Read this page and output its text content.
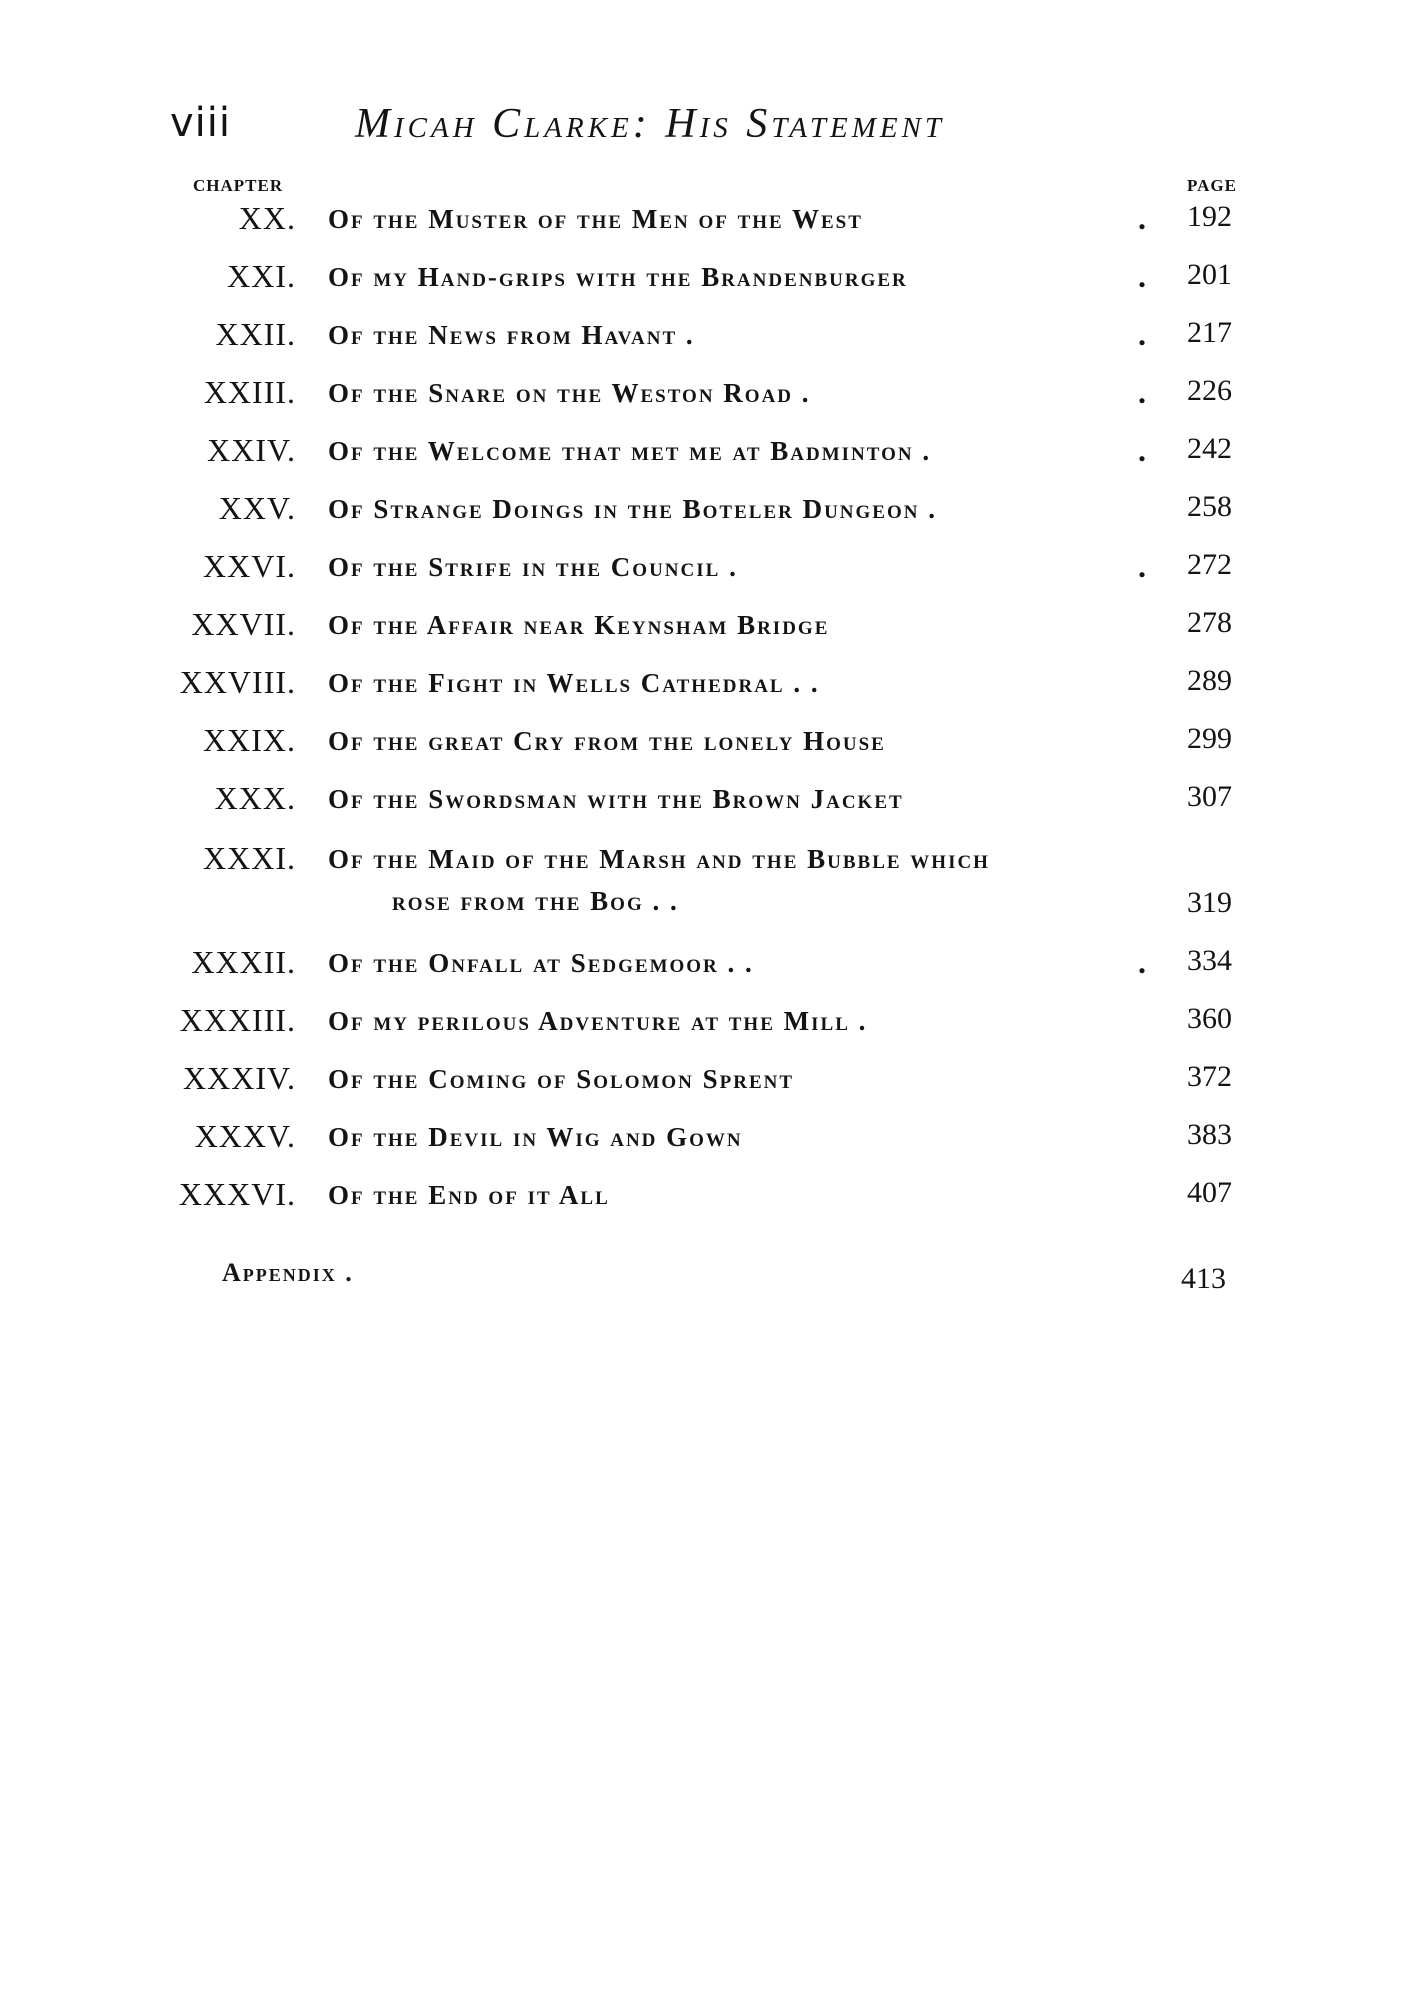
viii	Micah Clarke: His Statement
CHAPTER	PAGE
XX. Of the Muster of the Men of the West	. 192
XXI. Of my Hand-grips with the Brandenburger	. 201
XXII. Of the News from Havant .	. 217
XXIII. Of the Snare on the Weston Road .	. 226
XXIV. Of the Welcome that met me at Badminton .	. 242
XXV. Of Strange Doings in the Boteler Dungeon .	258
XXVI. Of the Strife in the Council .	. 272
XXVII. Of the Affair near Keynsham Bridge	278
XXVIII. Of the Fight in Wells Cathedral . .	289
XXIX. Of the great Cry from the lonely House	299
XXX. Of the Swordsman with the Brown Jacket	307
XXXI. Of the Maid of the Marsh and the Bubble which
rose from the Bog . .	319
XXXII. Of the Onfall at Sedgemoor . .	. 334
XXXIII. Of my perilous Adventure at the Mill .	360
XXXIV. Of the Coming of Solomon Sprent	372
XXXV. Of the Devil in Wig and Gown	383
XXXVI. Of the End of it All	407
Appendix .	413
